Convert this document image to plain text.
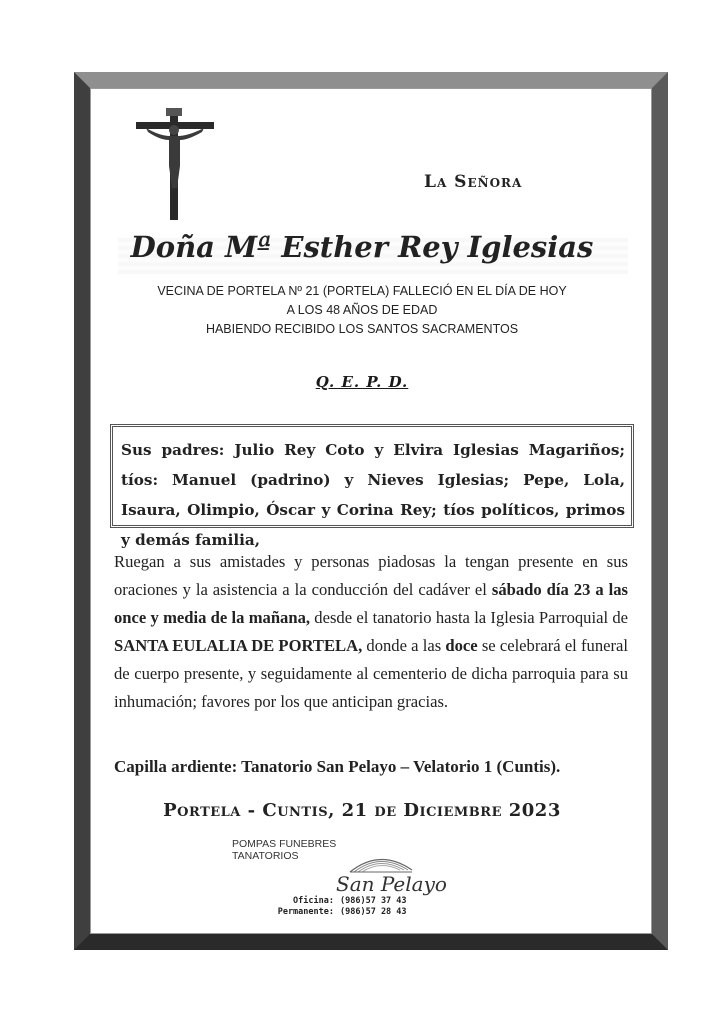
La Señora
Doña Mª Esther Rey Iglesias
VECINA DE PORTELA Nº 21 (PORTELA) FALLECIÓ EN EL DÍA DE HOY
A LOS 48 AÑOS DE EDAD
HABIENDO RECIBIDO LOS SANTOS SACRAMENTOS
Q. E. P. D.
Sus padres: Julio Rey Coto y Elvira Iglesias Magariños; tíos: Manuel (padrino) y Nieves Iglesias; Pepe, Lola, Isaura, Olimpio, Óscar y Corina Rey; tíos políticos, primos y demás familia,
Ruegan a sus amistades y personas piadosas la tengan presente en sus oraciones y la asistencia a la conducción del cadáver el sábado día 23 a las once y media de la mañana, desde el tanatorio hasta la Iglesia Parroquial de SANTA EULALIA DE PORTELA, donde a las doce se celebrará el funeral de cuerpo presente, y seguidamente al cementerio de dicha parroquia para su inhumación; favores por los que anticipan gracias.
Capilla ardiente: Tanatorio San Pelayo – Velatorio 1 (Cuntis).
Portela - Cuntis, 21 de Diciembre 2023
POMPAS FUNEBRES
TANATORIOS
San Pelayo
Oficina: (986)57 37 43
Permanente: (986)57 28 43
